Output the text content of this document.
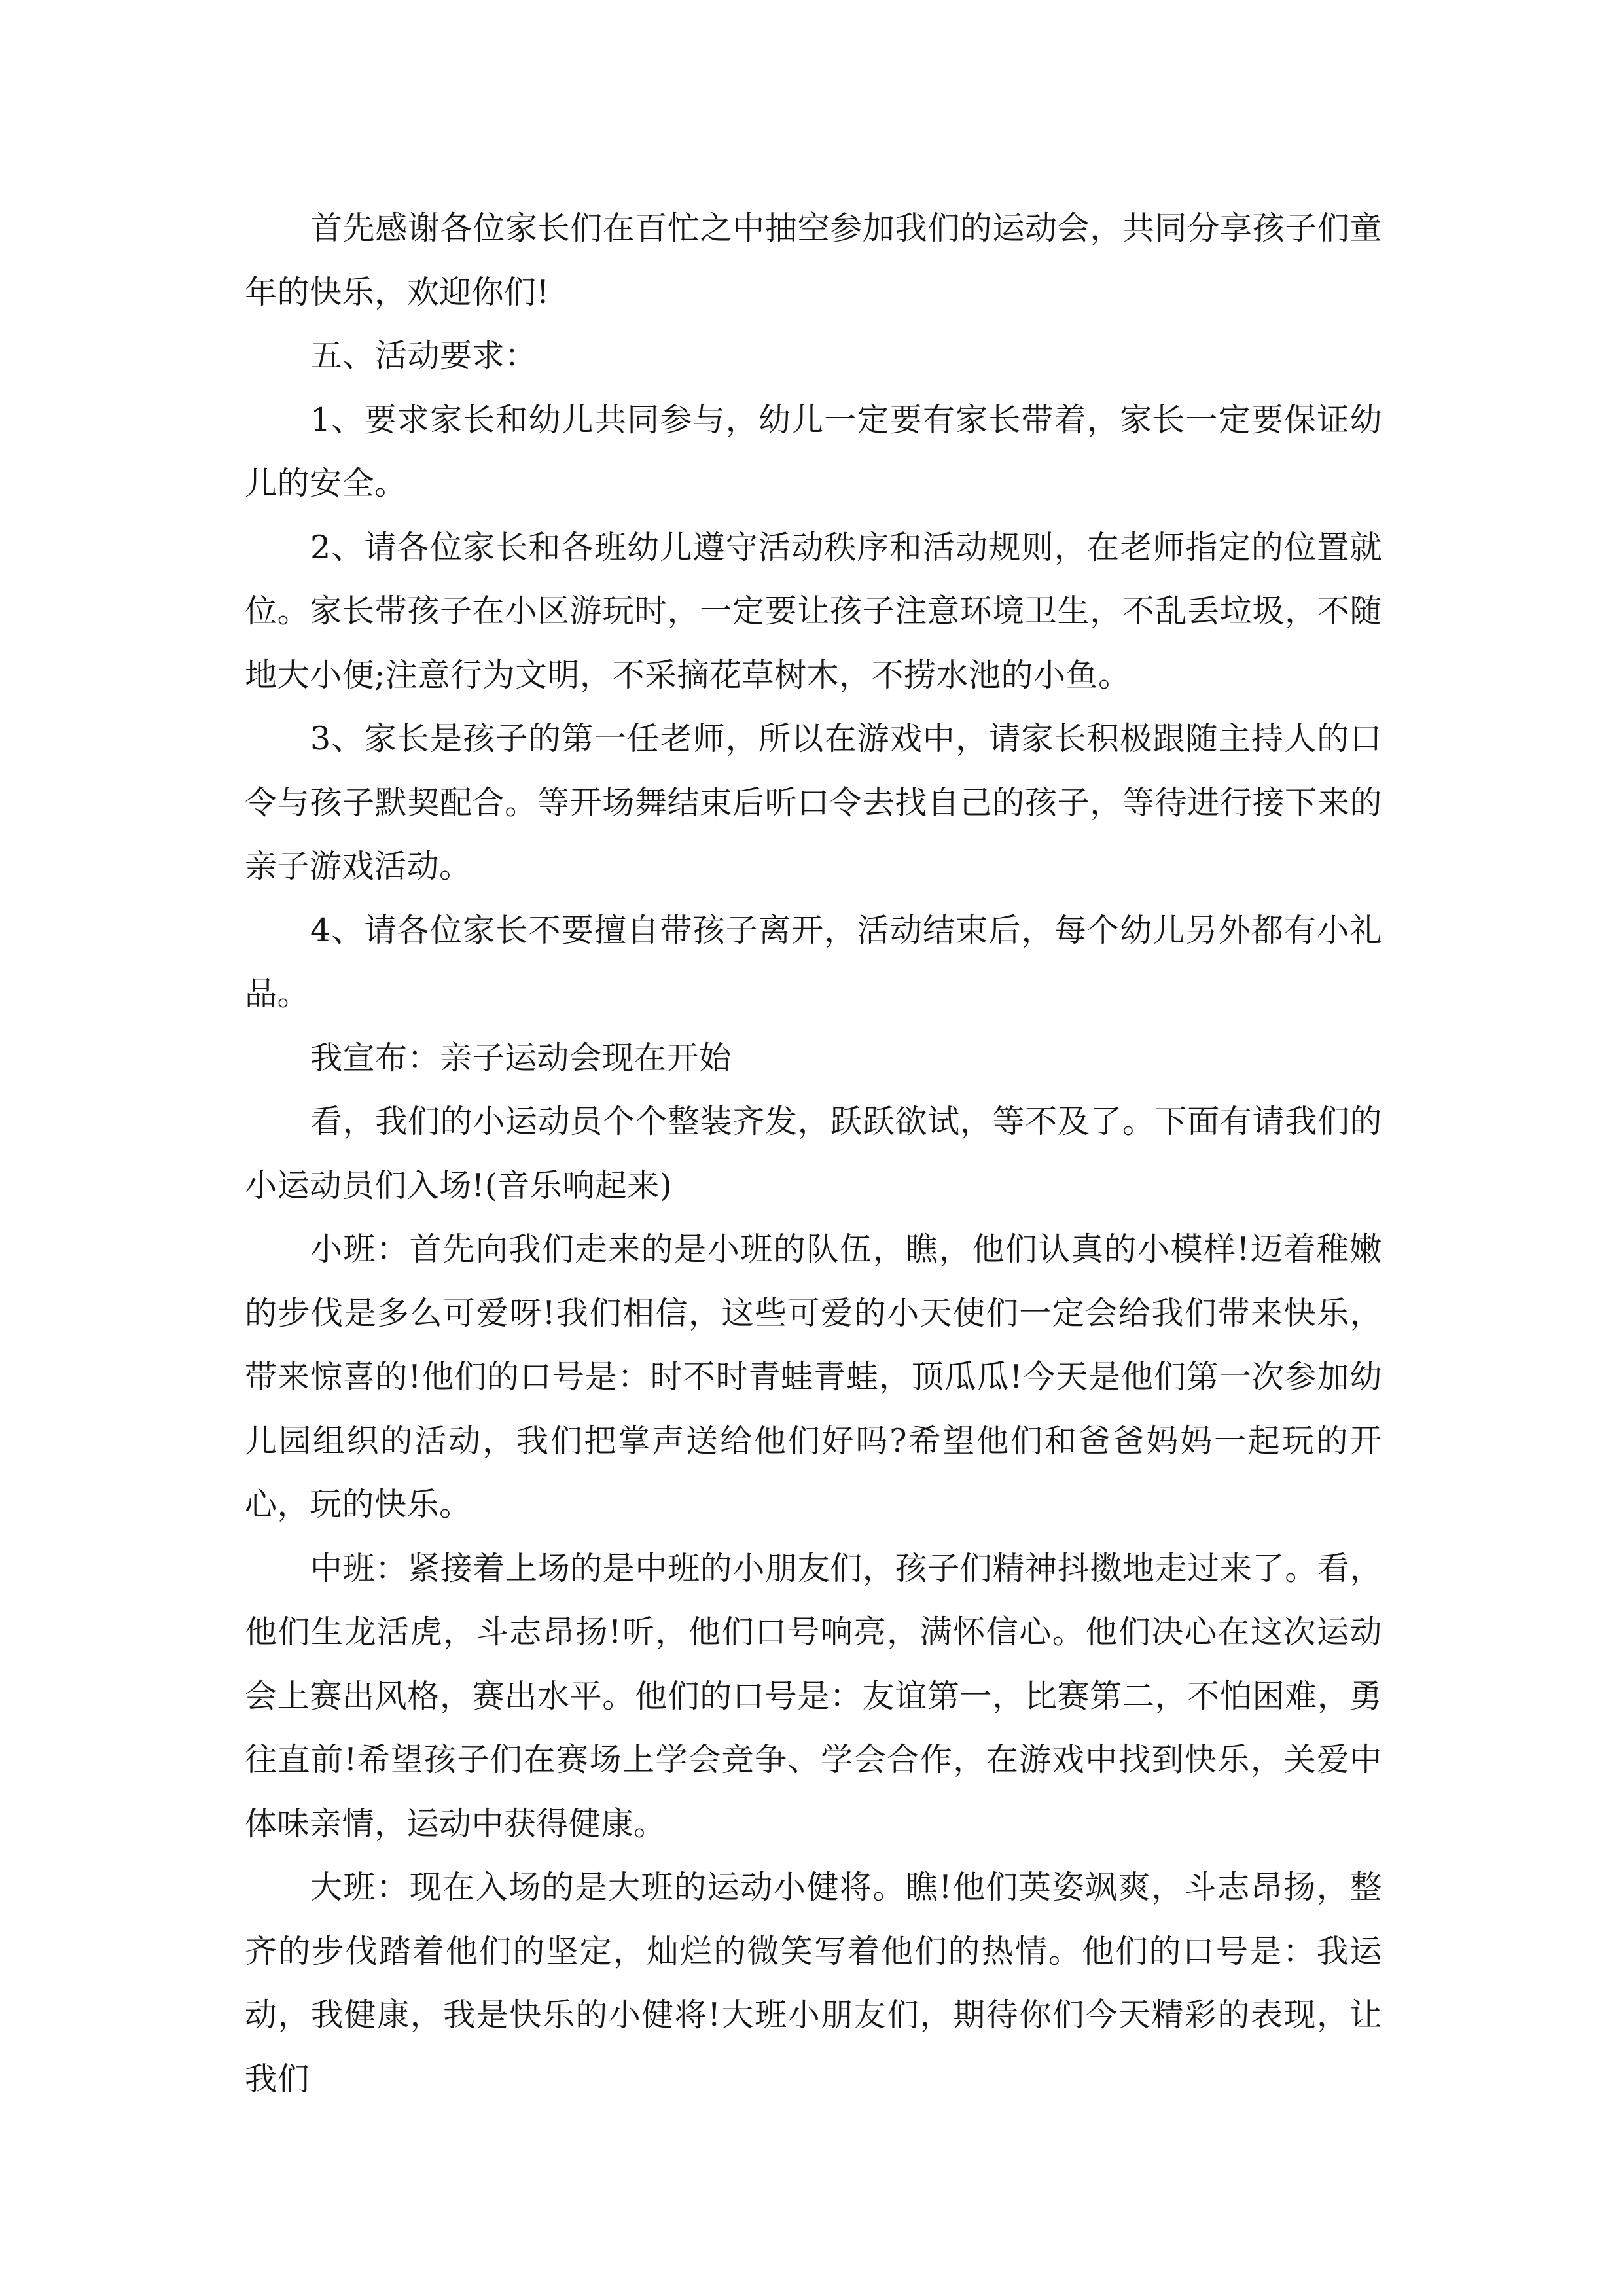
首先感谢各位家长们在百忙之中抽空参加我们的运动会，共同分享孩子们童年的快乐，欢迎你们!

五、活动要求：

1、要求家长和幼儿共同参与，幼儿一定要有家长带着，家长一定要保证幼儿的安全。

2、请各位家长和各班幼儿遵守活动秩序和活动规则，在老师指定的位置就位。家长带孩子在小区游玩时，一定要让孩子注意环境卫生，不乱丢垃圾，不随地大小便;注意行为文明，不采摘花草树木，不捞水池的小鱼。

3、家长是孩子的第一任老师，所以在游戏中，请家长积极跟随主持人的口令与孩子默契配合。等开场舞结束后听口令去找自己的孩子，等待进行接下来的亲子游戏活动。

4、请各位家长不要擅自带孩子离开，活动结束后，每个幼儿另外都有小礼品。

我宣布：亲子运动会现在开始

看，我们的小运动员个个整装齐发，跃跃欲试，等不及了。下面有请我们的小运动员们入场!(音乐响起来)

小班：首先向我们走来的是小班的队伍，瞧，他们认真的小模样!迈着稚嫩的步伐是多么可爱呀!我们相信，这些可爱的小天使们一定会给我们带来快乐，带来惊喜的!他们的口号是：时不时青蛙青蛙，顶瓜瓜!今天是他们第一次参加幼儿园组织的活动，我们把掌声送给他们好吗?希望他们和爸爸妈妈一起玩的开心，玩的快乐。

中班：紧接着上场的是中班的小朋友们，孩子们精神抖擞地走过来了。看，他们生龙活虎，斗志昂扬!听，他们口号响亮，满怀信心。他们决心在这次运动会上赛出风格，赛出水平。他们的口号是：友谊第一，比赛第二，不怕困难，勇往直前!希望孩子们在赛场上学会竞争、学会合作，在游戏中找到快乐，关爱中体味亲情，运动中获得健康。

大班：现在入场的是大班的运动小健将。瞧!他们英姿飒爽，斗志昂扬，整齐的步伐踏着他们的坚定，灿烂的微笑写着他们的热情。他们的口号是：我运动，我健康，我是快乐的小健将!大班小朋友们，期待你们今天精彩的表现，让我们
